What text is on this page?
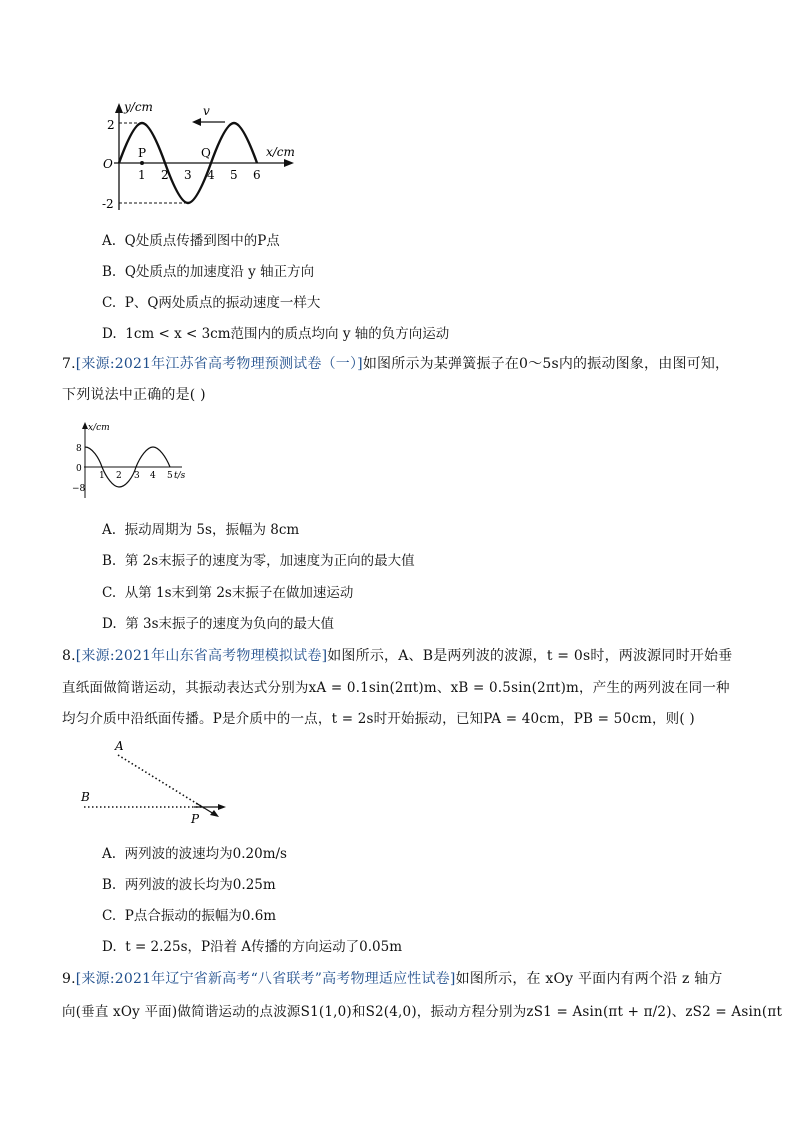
v
y/cm
x/cm
O
2
-2
P	Q
1 2 3 4 5 6
A. Q处质点传播到图中的P点
B. Q处质点的加速度沿 y 轴正方向
C. P、Q两处质点的振动速度一样大
D. 1cm < x < 3cm范围内的质点均向 y 轴的负方向运动
7.[来源:2021年江苏省高考物理预测试卷（一）]如图所示为某弹簧振子在0～5s内的振动图象，由图可知，
下列说法中正确的是( )
x/cm
t/s
8
0
−8
1 2 3 4 5
A. 振动周期为 5s，振幅为 8cm
B. 第 2s末振子的速度为零，加速度为正向的最大值
C. 从第 1s末到第 2s末振子在做加速运动
D. 第 3s末振子的速度为负向的最大值
8.[来源:2021年山东省高考物理模拟试卷]如图所示，A、B是两列波的波源，t = 0s时，两波源同时开始垂
直纸面做简谐运动，其振动表达式分别为xA = 0.1sin(2πt)m、xB = 0.5sin(2πt)m，产生的两列波在同一种
均匀介质中沿纸面传播。P是介质中的一点，t = 2s时开始振动，已知PA = 40cm，PB = 50cm，则( )
A
B
P
A. 两列波的波速均为0.20m/s
B. 两列波的波长均为0.25m
C. P点合振动的振幅为0.6m
D. t = 2.25s，P沿着 A传播的方向运动了0.05m
9.[来源:2021年辽宁省新高考“八省联考”高考物理适应性试卷]如图所示，在 xOy 平面内有两个沿 z 轴方
向(垂直 xOy 平面)做简谐运动的点波源S1(1,0)和S2(4,0)，振动方程分别为zS1 = Asin(πt + π/2)、zS2 = Asin(πt
